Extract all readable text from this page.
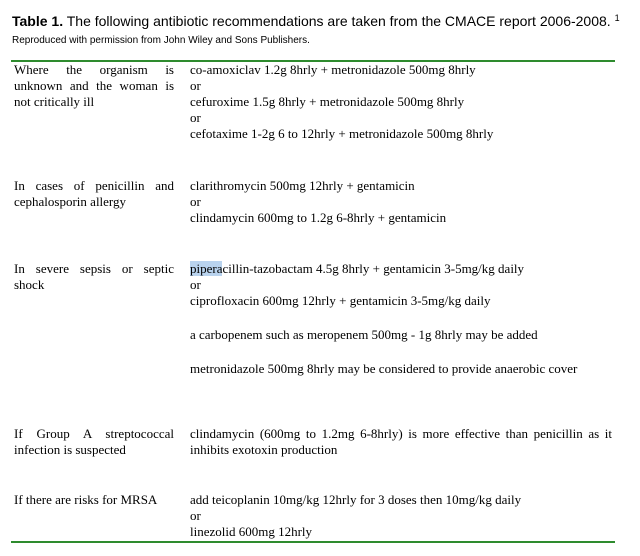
Table 1. The following antibiotic recommendations are taken from the CMACE report 2006-2008. $^1$ Reproduced with permission from John Wiley and Sons Publishers.
Where the organism is unknown and the woman is not critically ill
co-amoxiclav 1.2g 8hrly + metronidazole 500mg 8hrly
or
cefuroxime 1.5g 8hrly + metronidazole 500mg 8hrly
or
cefotaxime 1-2g 6 to 12hrly + metronidazole 500mg 8hrly
In cases of penicillin and cephalosporin allergy
clarithromycin 500mg 12hrly + gentamicin
or
clindamycin 600mg to 1.2g 6-8hrly + gentamicin
In severe sepsis or septic shock
piperacillin-tazobactam 4.5g 8hrly + gentamicin 3-5mg/kg daily
or
ciprofloxacin 600mg 12hrly + gentamicin 3-5mg/kg daily
a carbopenem such as meropenem 500mg - 1g 8hrly may be added
metronidazole 500mg 8hrly may be considered to provide anaerobic cover
If Group A streptococcal infection is suspected
clindamycin (600mg to 1.2mg 6-8hrly) is more effective than penicillin as it inhibits exotoxin production
If there are risks for MRSA	add teicoplanin 10mg/kg 12hrly for 3 doses then 10mg/kg daily
or
linezolid 600mg 12hrly
